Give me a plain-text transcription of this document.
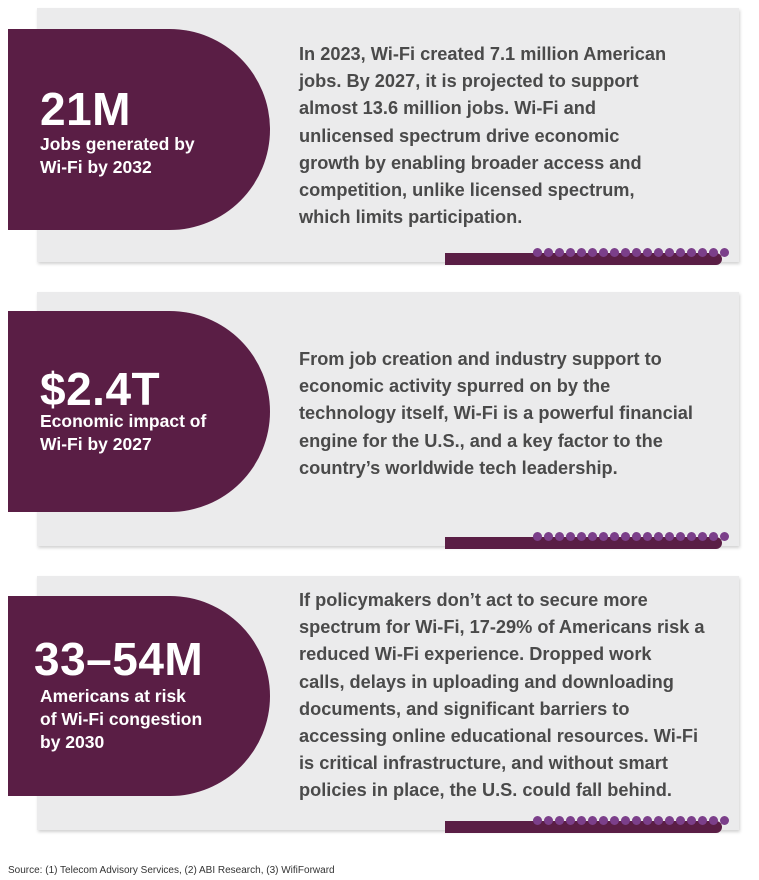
In 2023, Wi-Fi created 7.1 million American
jobs. By 2027, it is projected to support
almost 13.6 million jobs. Wi-Fi and
unlicensed spectrum drive economic
growth by enabling broader access and
competition, unlike licensed spectrum,
which limits participation.

21M
Jobs generated by
Wi-Fi by 2032

From job creation and industry support to
economic activity spurred on by the
technology itself, Wi-Fi is a powerful financial
engine for the U.S., and a key factor to the
country’s worldwide tech leadership.

$2.4T
Economic impact of
Wi-Fi by 2027

If policymakers don’t act to secure more
spectrum for Wi-Fi, 17-29% of Americans risk a
reduced Wi-Fi experience. Dropped work
calls, delays in uploading and downloading
documents, and significant barriers to
accessing online educational resources. Wi-Fi
is critical infrastructure, and without smart
policies in place, the U.S. could fall behind.

33–54M
Americans at risk
of Wi-Fi congestion
by 2030
Source: (1) Telecom Advisory Services, (2) ABI Research, (3) WifiForward
